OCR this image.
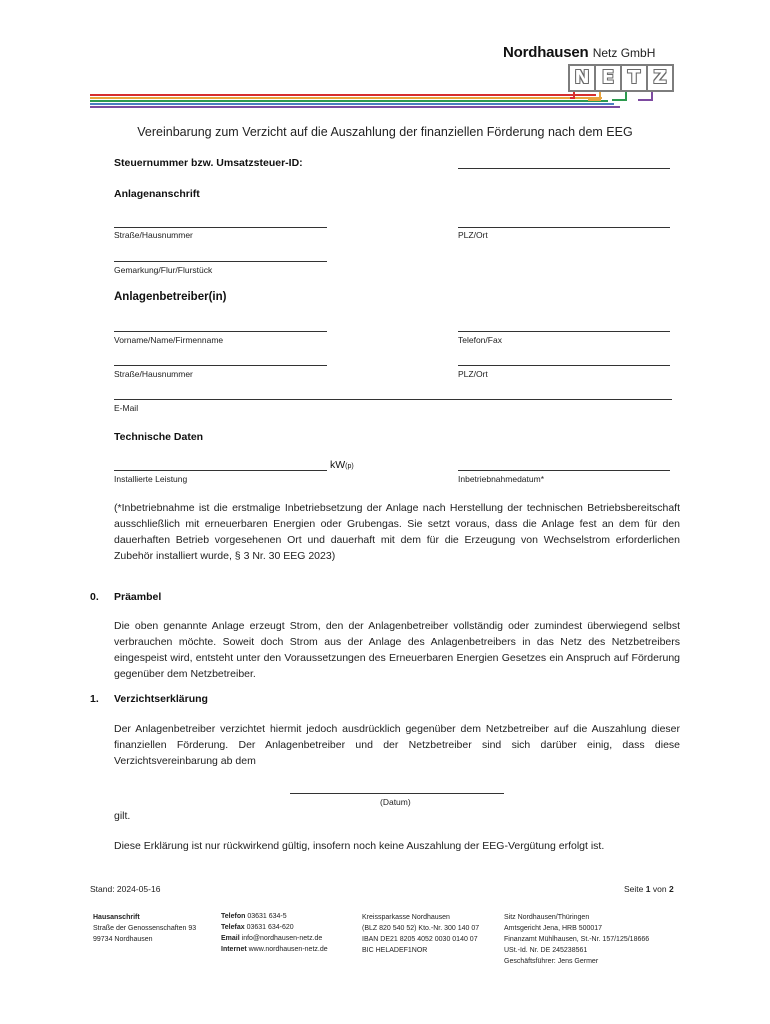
Nordhausen Netz GmbH
N E T Z
Vereinbarung zum Verzicht auf die Auszahlung der finanziellen Förderung nach dem EEG
Steuernummer bzw. Umsatzsteuer-ID:
Anlagenanschrift
Straße/Hausnummer	PLZ/Ort
Gemarkung/Flur/Flurstück
Anlagenbetreiber(in)
Vorname/Name/Firmenname	Telefon/Fax
Straße/Hausnummer	PLZ/Ort
E-Mail
Technische Daten
kW(p)
Installierte Leistung	Inbetriebnahmedatum*
(*Inbetriebnahme ist die erstmalige Inbetriebsetzung der Anlage nach Herstellung der technischen Betriebsbereitschaft ausschließlich mit erneuerbaren Energien oder Grubengas. Sie setzt voraus, dass die Anlage fest an dem für den dauerhaften Betrieb vorgesehenen Ort und dauerhaft mit dem für die Erzeugung von Wechselstrom erforderlichen Zubehör installiert wurde, § 3 Nr. 30 EEG 2023)
0. Präambel
Die oben genannte Anlage erzeugt Strom, den der Anlagenbetreiber vollständig oder zumindest überwiegend selbst verbrauchen möchte. Soweit doch Strom aus der Anlage des Anlagenbetreibers in das Netz des Netzbetreibers eingespeist wird, entsteht unter den Voraussetzungen des Erneuerbaren Energien Gesetzes ein Anspruch auf Förderung gegenüber dem Netzbetreiber.
1. Verzichtserklärung
Der Anlagenbetreiber verzichtet hiermit jedoch ausdrücklich gegenüber dem Netzbetreiber auf die Auszahlung dieser finanziellen Förderung. Der Anlagenbetreiber und der Netzbetreiber sind sich darüber einig, dass diese Verzichtsvereinbarung ab dem
(Datum)
gilt.
Diese Erklärung ist nur rückwirkend gültig, insofern noch keine Auszahlung der EEG-Vergütung erfolgt ist.
Stand: 2024-05-16	Seite 1 von 2
Hausanschrift
Straße der Genossenschaften 93
99734 Nordhausen
Telefon 03631 634-5
Telefax 03631 634-620
Email info@nordhausen-netz.de
Internet www.nordhausen-netz.de
Kreissparkasse Nordhausen
(BLZ 820 540 52) Kto.-Nr. 300 140 07
IBAN DE21 8205 4052 0030 0140 07
BIC HELADEF1NOR
Sitz Nordhausen/Thüringen
Amtsgericht Jena, HRB 500017
Finanzamt Mühlhausen, St.-Nr. 157/125/18666
USt.-Id. Nr. DE 245238561
Geschäftsführer: Jens Germer
